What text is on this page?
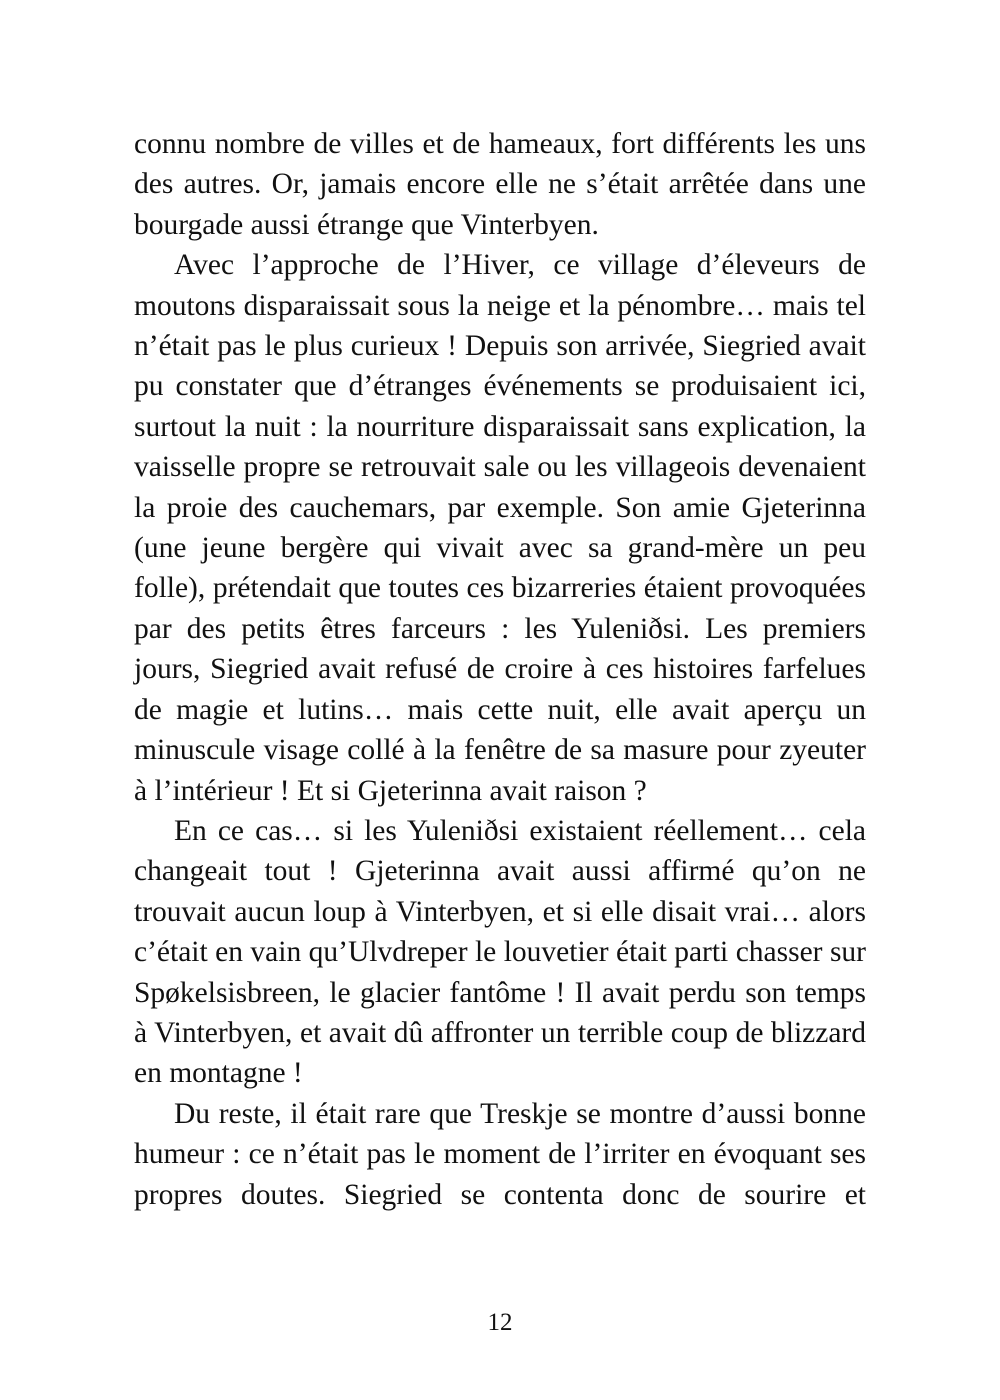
connu nombre de villes et de hameaux, fort différents les uns des autres. Or, jamais encore elle ne s’était arrêtée dans une bourgade aussi étrange que Vinterbyen.

Avec l’approche de l’Hiver, ce village d’éleveurs de moutons disparaissait sous la neige et la pénombre… mais tel n’était pas le plus curieux ! Depuis son arrivée, Siegried avait pu constater que d’étranges événements se produisaient ici, surtout la nuit : la nourriture disparaissait sans explication, la vaisselle propre se retrouvait sale ou les villageois devenaient la proie des cauchemars, par exemple. Son amie Gjeterinna (une jeune bergère qui vivait avec sa grand-mère un peu folle), prétendait que toutes ces bizarreries étaient provoquées par des petits êtres farceurs : les Yuleniðsi. Les premiers jours, Siegried avait refusé de croire à ces histoires farfelues de magie et lutins… mais cette nuit, elle avait aperçu un minuscule visage collé à la fenêtre de sa masure pour zyeuter à l’intérieur ! Et si Gjeterinna avait raison ?

En ce cas… si les Yuleniðsi existaient réellement… cela changeait tout ! Gjeterinna avait aussi affirmé qu’on ne trouvait aucun loup à Vinterbyen, et si elle disait vrai… alors c’était en vain qu’Ulvdreper le louvetier était parti chasser sur Spøkelsisbreen, le glacier fantôme ! Il avait perdu son temps à Vinterbyen, et avait dû affronter un terrible coup de blizzard en montagne !

Du reste, il était rare que Treskje se montre d’aussi bonne humeur : ce n’était pas le moment de l’irriter en évoquant ses propres doutes. Siegried se contenta donc de sourire et

12
